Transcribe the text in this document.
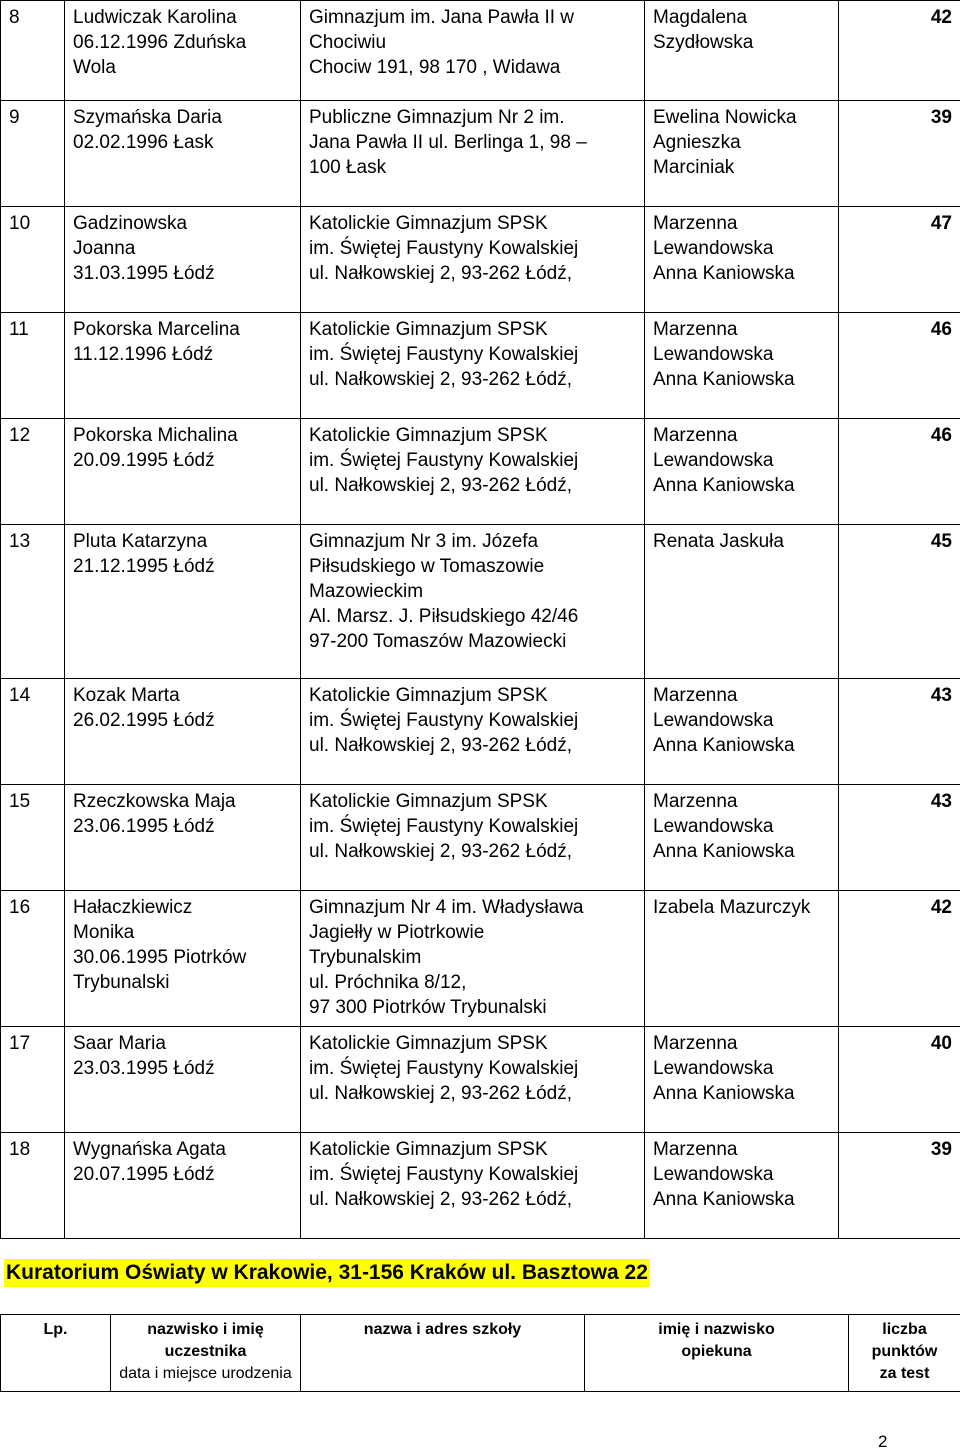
8	Ludwiczak Karolina
06.12.1996 Zduńska
Wola	Gimnazjum im. Jana Pawła II w
Chociwiu
Chociw 191, 98 170 , Widawa	Magdalena
Szydłowska	42
9	Szymańska Daria
02.02.1996 Łask	Publiczne Gimnazjum Nr 2 im.
Jana Pawła II ul. Berlinga 1, 98 –
100 Łask	Ewelina Nowicka
Agnieszka
Marciniak	39
10	Gadzinowska
Joanna
31.03.1995 Łódź	Katolickie Gimnazjum SPSK
im. Świętej Faustyny Kowalskiej
ul. Nałkowskiej 2, 93-262 Łódź,	Marzenna
Lewandowska
Anna Kaniowska	47
11	Pokorska Marcelina
11.12.1996 Łódź	Katolickie Gimnazjum SPSK
im. Świętej Faustyny Kowalskiej
ul. Nałkowskiej 2, 93-262 Łódź,	Marzenna
Lewandowska
Anna Kaniowska	46
12	Pokorska Michalina
20.09.1995 Łódź	Katolickie Gimnazjum SPSK
im. Świętej Faustyny Kowalskiej
ul. Nałkowskiej 2, 93-262 Łódź,	Marzenna
Lewandowska
Anna Kaniowska	46
13	Pluta Katarzyna
21.12.1995 Łódź	Gimnazjum Nr 3 im. Józefa
Piłsudskiego w Tomaszowie
Mazowieckim
Al. Marsz. J. Piłsudskiego 42/46
97-200 Tomaszów Mazowiecki	Renata Jaskuła	45
14	Kozak Marta
26.02.1995 Łódź	Katolickie Gimnazjum SPSK
im. Świętej Faustyny Kowalskiej
ul. Nałkowskiej 2, 93-262 Łódź,	Marzenna
Lewandowska
Anna Kaniowska	43
15	Rzeczkowska Maja
23.06.1995 Łódź	Katolickie Gimnazjum SPSK
im. Świętej Faustyny Kowalskiej
ul. Nałkowskiej 2, 93-262 Łódź,	Marzenna
Lewandowska
Anna Kaniowska	43
16	Hałaczkiewicz
Monika
30.06.1995 Piotrków
Trybunalski	Gimnazjum Nr 4 im. Władysława
Jagiełły w Piotrkowie
Trybunalskim
ul. Próchnika 8/12,
97 300 Piotrków Trybunalski	Izabela Mazurczyk	42
17	Saar Maria
23.03.1995 Łódź	Katolickie Gimnazjum SPSK
im. Świętej Faustyny Kowalskiej
ul. Nałkowskiej 2, 93-262 Łódź,	Marzenna
Lewandowska
Anna Kaniowska	40
18	Wygnańska Agata
20.07.1995 Łódź	Katolickie Gimnazjum SPSK
im. Świętej Faustyny Kowalskiej
ul. Nałkowskiej 2, 93-262 Łódź,	Marzenna
Lewandowska
Anna Kaniowska	39
Kuratorium Oświaty w Krakowie, 31-156 Kraków ul. Basztowa 22
Lp.	nazwisko i imię
uczestnika
data i miejsce urodzenia

nazwa i adres szkoły	imię i nazwisko
opiekuna

liczba
punktów
za test
2
